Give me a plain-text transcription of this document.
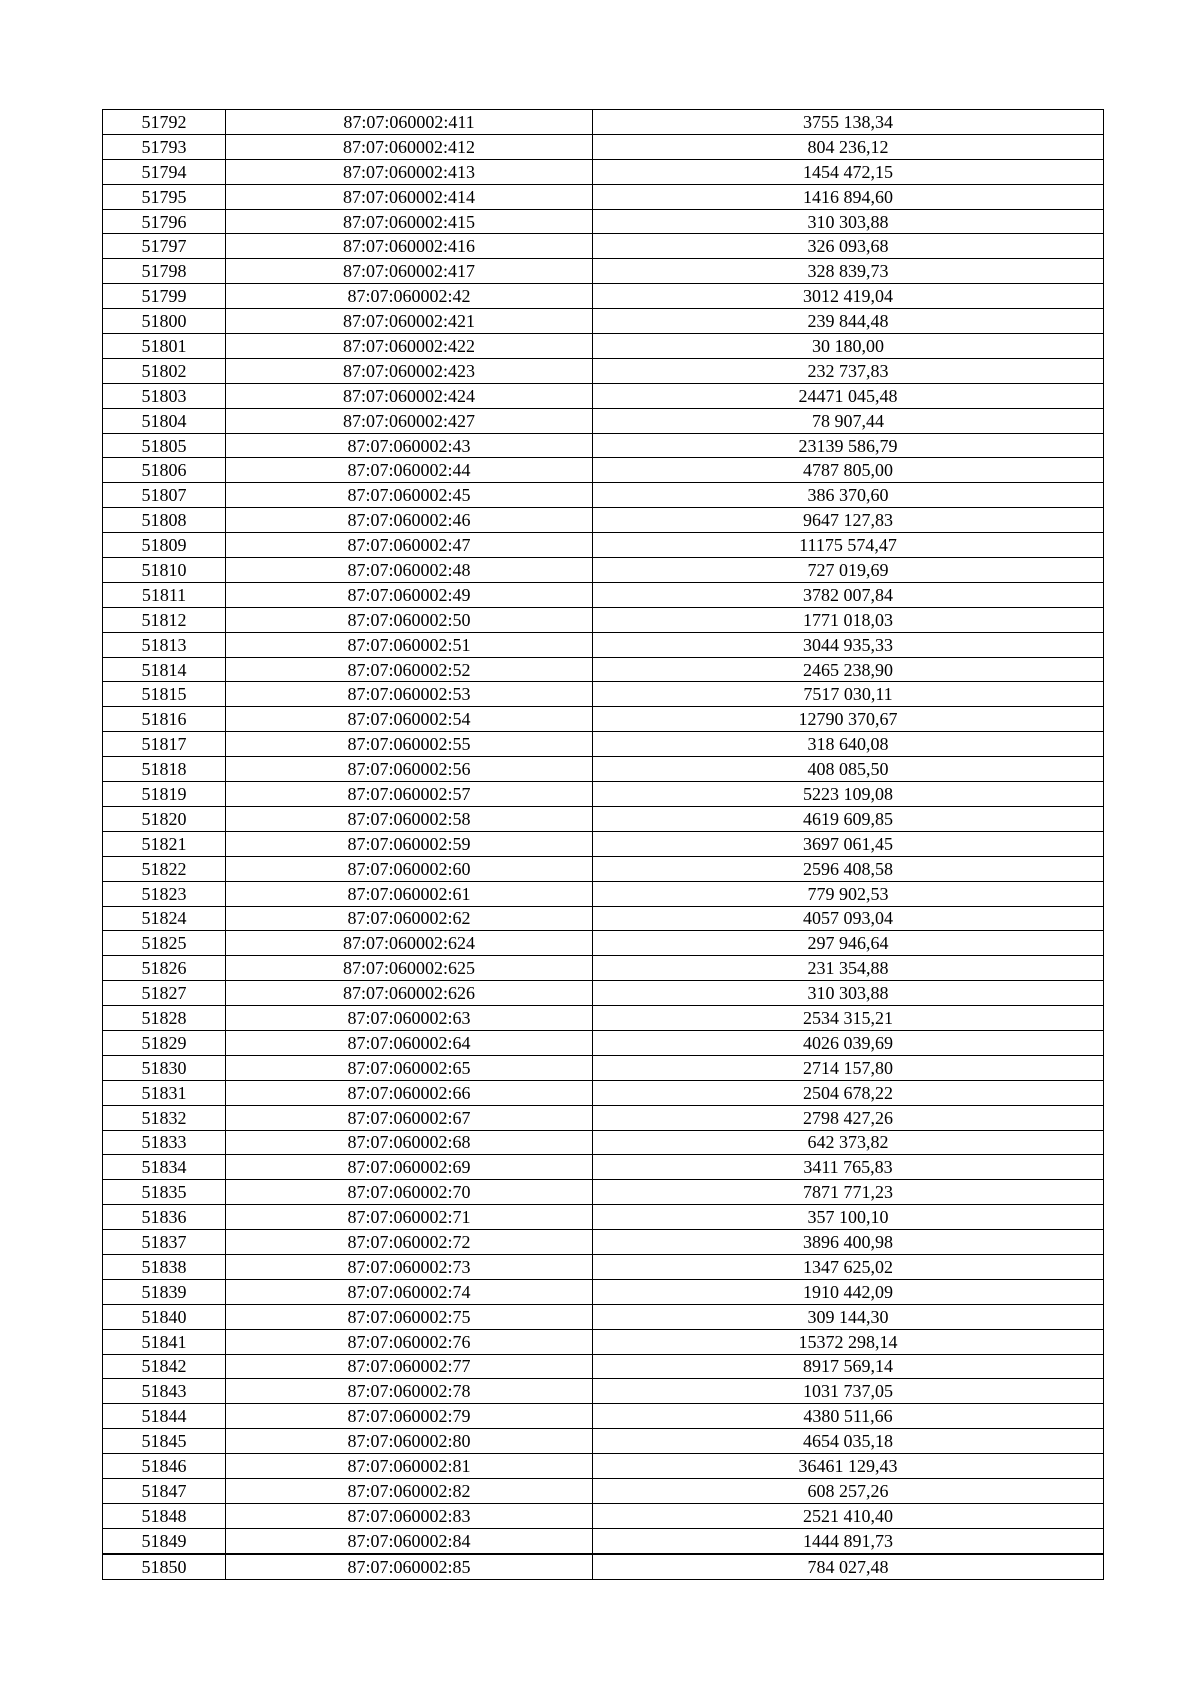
51792	87:07:060002:411	3755 138,34
51793	87:07:060002:412	804 236,12
51794	87:07:060002:413	1454 472,15
51795	87:07:060002:414	1416 894,60
51796	87:07:060002:415	310 303,88
51797	87:07:060002:416	326 093,68
51798	87:07:060002:417	328 839,73
51799	87:07:060002:42	3012 419,04
51800	87:07:060002:421	239 844,48
51801	87:07:060002:422	30 180,00
51802	87:07:060002:423	232 737,83
51803	87:07:060002:424	24471 045,48
51804	87:07:060002:427	78 907,44
51805	87:07:060002:43	23139 586,79
51806	87:07:060002:44	4787 805,00
51807	87:07:060002:45	386 370,60
51808	87:07:060002:46	9647 127,83
51809	87:07:060002:47	11175 574,47
51810	87:07:060002:48	727 019,69
51811	87:07:060002:49	3782 007,84
51812	87:07:060002:50	1771 018,03
51813	87:07:060002:51	3044 935,33
51814	87:07:060002:52	2465 238,90
51815	87:07:060002:53	7517 030,11
51816	87:07:060002:54	12790 370,67
51817	87:07:060002:55	318 640,08
51818	87:07:060002:56	408 085,50
51819	87:07:060002:57	5223 109,08
51820	87:07:060002:58	4619 609,85
51821	87:07:060002:59	3697 061,45
51822	87:07:060002:60	2596 408,58
51823	87:07:060002:61	779 902,53
51824	87:07:060002:62	4057 093,04
51825	87:07:060002:624	297 946,64
51826	87:07:060002:625	231 354,88
51827	87:07:060002:626	310 303,88
51828	87:07:060002:63	2534 315,21
51829	87:07:060002:64	4026 039,69
51830	87:07:060002:65	2714 157,80
51831	87:07:060002:66	2504 678,22
51832	87:07:060002:67	2798 427,26
51833	87:07:060002:68	642 373,82
51834	87:07:060002:69	3411 765,83
51835	87:07:060002:70	7871 771,23
51836	87:07:060002:71	357 100,10
51837	87:07:060002:72	3896 400,98
51838	87:07:060002:73	1347 625,02
51839	87:07:060002:74	1910 442,09
51840	87:07:060002:75	309 144,30
51841	87:07:060002:76	15372 298,14
51842	87:07:060002:77	8917 569,14
51843	87:07:060002:78	1031 737,05
51844	87:07:060002:79	4380 511,66
51845	87:07:060002:80	4654 035,18
51846	87:07:060002:81	36461 129,43
51847	87:07:060002:82	608 257,26
51848	87:07:060002:83	2521 410,40
51849	87:07:060002:84	1444 891,73
51850	87:07:060002:85	784 027,48
